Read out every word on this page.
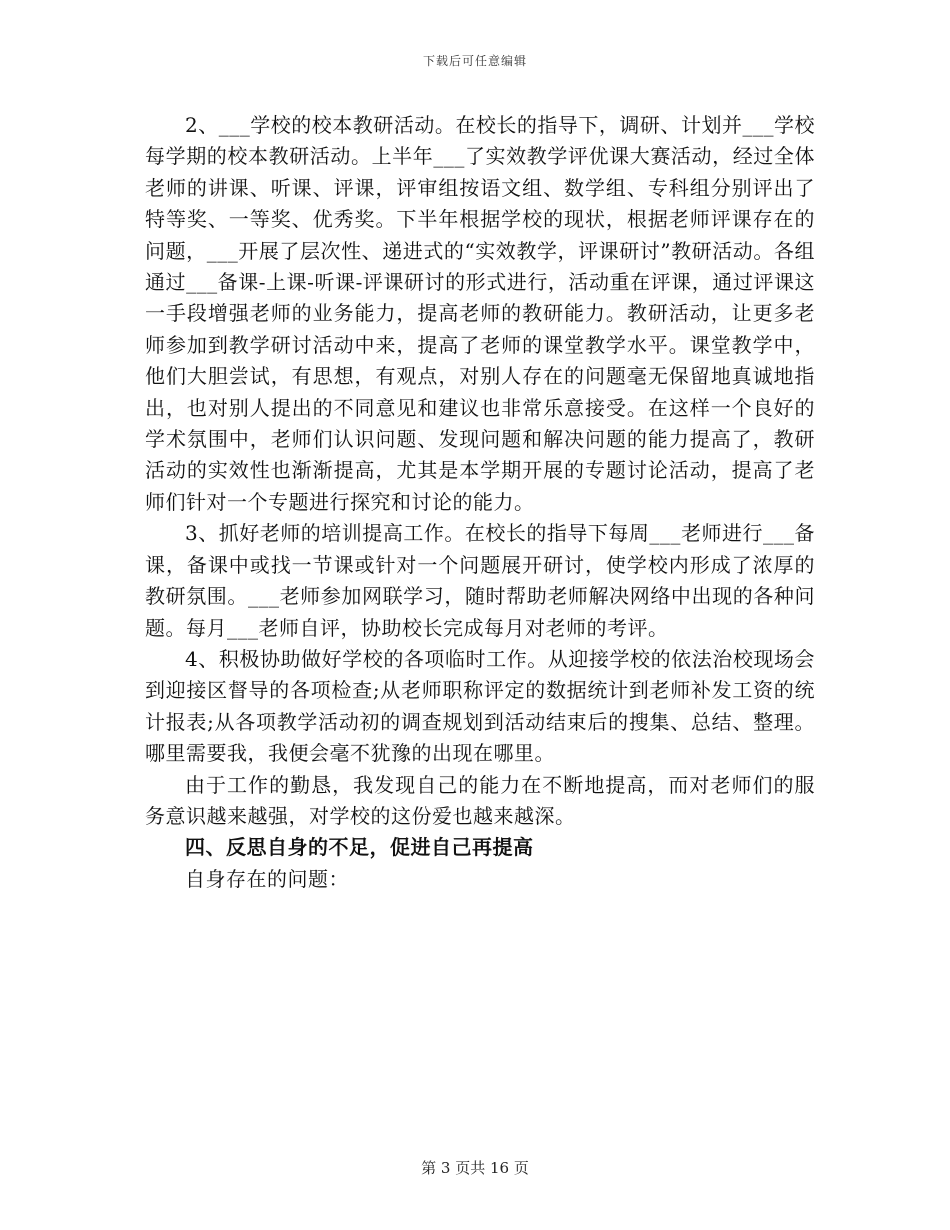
下载后可任意编辑

2、___学校的校本教研活动。在校长的指导下，调研、计划并___学校每学期的校本教研活动。上半年___了实效教学评优课大赛活动，经过全体老师的讲课、听课、评课，评审组按语文组、数学组、专科组分别评出了特等奖、一等奖、优秀奖。下半年根据学校的现状，根据老师评课存在的问题，___开展了层次性、递进式的“实效教学，评课研讨”教研活动。各组通过___备课-上课-听课-评课研讨的形式进行，活动重在评课，通过评课这一手段增强老师的业务能力，提高老师的教研能力。教研活动，让更多老师参加到教学研讨活动中来，提高了老师的课堂教学水平。课堂教学中，他们大胆尝试，有思想，有观点，对别人存在的问题毫无保留地真诚地指出，也对别人提出的不同意见和建议也非常乐意接受。在这样一个良好的学术氛围中，老师们认识问题、发现问题和解决问题的能力提高了，教研活动的实效性也渐渐提高，尤其是本学期开展的专题讨论活动，提高了老师们针对一个专题进行探究和讨论的能力。

3、抓好老师的培训提高工作。在校长的指导下每周___老师进行___备课，备课中或找一节课或针对一个问题展开研讨，使学校内形成了浓厚的教研氛围。___老师参加网联学习，随时帮助老师解决网络中出现的各种问题。每月___老师自评，协助校长完成每月对老师的考评。

4、积极协助做好学校的各项临时工作。从迎接学校的依法治校现场会到迎接区督导的各项检查;从老师职称评定的数据统计到老师补发工资的统计报表;从各项教学活动初的调查规划到活动结束后的搜集、总结、整理。哪里需要我，我便会毫不犹豫的出现在哪里。

由于工作的勤恳，我发现自己的能力在不断地提高，而对老师们的服务意识越来越强，对学校的这份爱也越来越深。

四、反思自身的不足，促进自己再提高

自身存在的问题：

第 3 页共 16 页
